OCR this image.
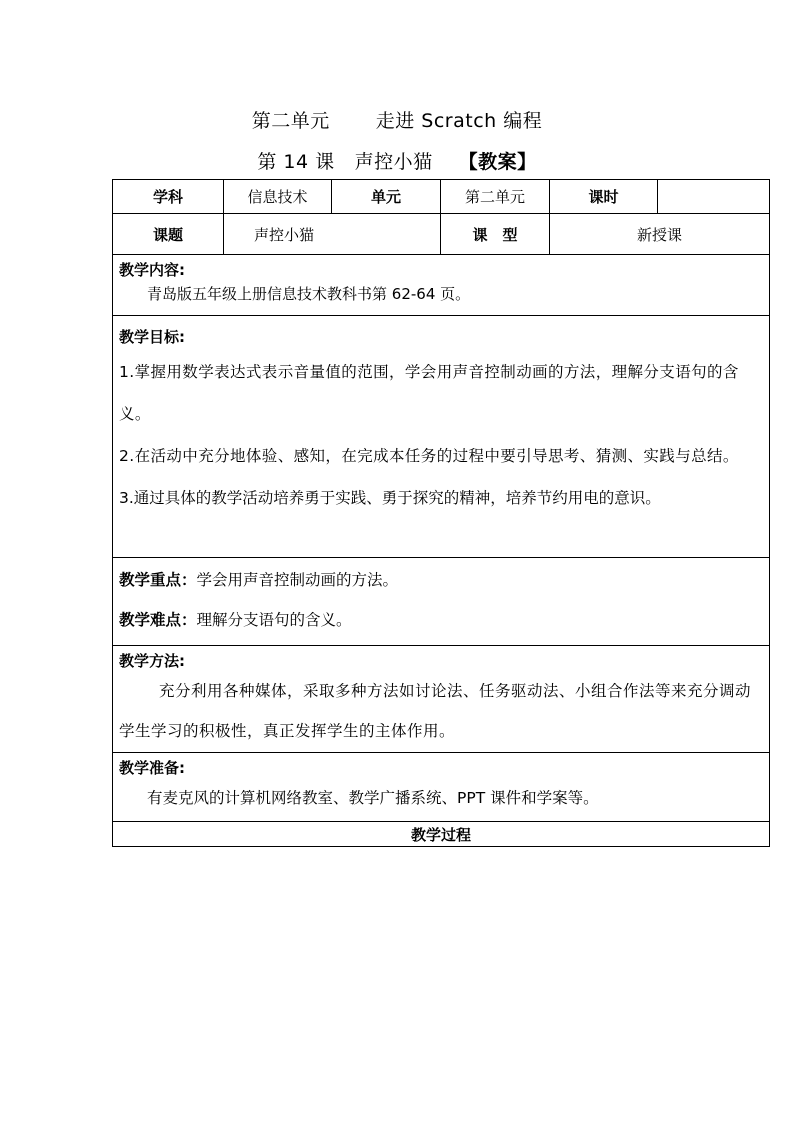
第二单元 走进 Scratch 编程
第 14 课 声控小猫 【教案】
学科	信息技术	单元	第二单元	课时	
课题	声控小猫		课　型	新授课	

教学内容:
青岛版五年级上册信息技术教科书第 62-64 页。					

教学目标:

1.掌握用数学表达式表示音量值的范围，学会用声音控制动画的方法，理解分支语句的含义。

2.在活动中充分地体验、感知，在完成本任务的过程中要引导思考、猜测、实践与总结。

3.通过具体的教学活动培养勇于实践、勇于探究的精神，培养节约用电的意识。					

教学重点：学会用声音控制动画的方法。

教学难点：理解分支语句的含义。					

教学方法:

充分利用各种媒体，采取多种方法如讨论法、任务驱动法、小组合作法等来充分调动学生学习的积极性，真正发挥学生的主体作用。					

教学准备:
有麦克风的计算机网络教室、教学广播系统、PPT 课件和学案等。					

教学过程					
